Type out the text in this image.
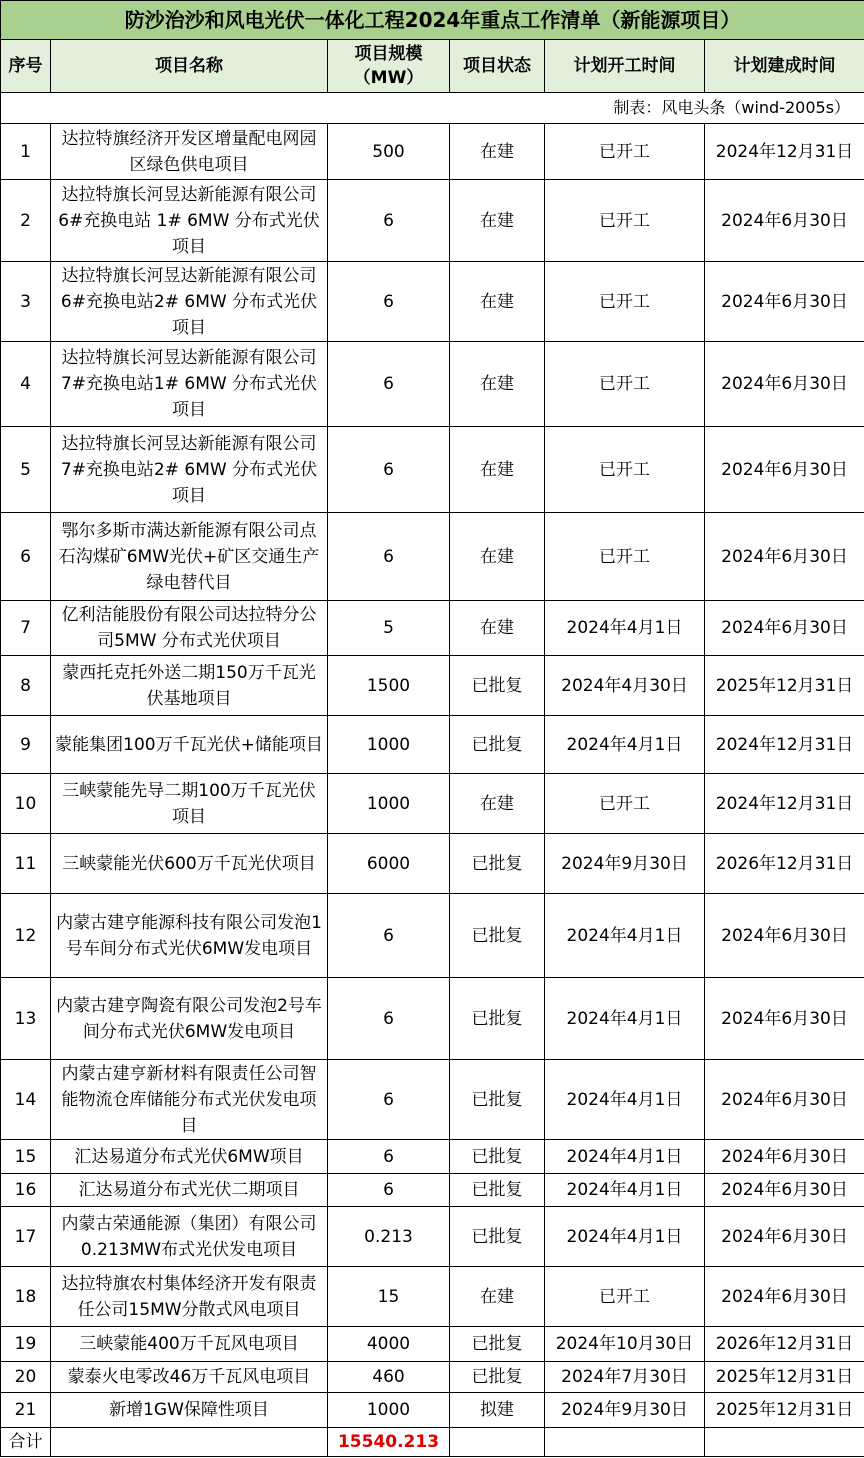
防沙治沙和风电光伏一体化工程2024年重点工作清单（新能源项目）					
序号	项目名称	项目规模（MW）	项目状态	计划开工时间	计划建成时间
制表：风电头条（wind-2005s）					
1	达拉特旗经济开发区增量配电网园区绿色供电项目	500	在建	已开工	2024年12月31日
2	达拉特旗长河昱达新能源有限公司6#充换电站 1# 6MW 分布式光伏项目	6	在建	已开工	2024年6月30日
3	达拉特旗长河昱达新能源有限公司6#充换电站2# 6MW 分布式光伏项目	6	在建	已开工	2024年6月30日
4	达拉特旗长河昱达新能源有限公司7#充换电站1# 6MW 分布式光伏项目	6	在建	已开工	2024年6月30日
5	达拉特旗长河昱达新能源有限公司7#充换电站2# 6MW 分布式光伏项目	6	在建	已开工	2024年6月30日
6	鄂尔多斯市满达新能源有限公司点石沟煤矿6MW光伏+矿区交通生产绿电替代目	6	在建	已开工	2024年6月30日
7	亿利洁能股份有限公司达拉特分公司5MW 分布式光伏项目	5	在建	2024年4月1日	2024年6月30日
8	蒙西托克托外送二期150万千瓦光伏基地项目	1500	已批复	2024年4月30日	2025年12月31日
9	蒙能集团100万千瓦光伏+储能项目	1000	已批复	2024年4月1日	2024年12月31日
10	三峡蒙能先导二期100万千瓦光伏项目	1000	在建	已开工	2024年12月31日
11	三峡蒙能光伏600万千瓦光伏项目	6000	已批复	2024年9月30日	2026年12月31日
12	内蒙古建亨能源科技有限公司发泡1号车间分布式光伏6MW发电项目	6	已批复	2024年4月1日	2024年6月30日
13	内蒙古建亨陶瓷有限公司发泡2号车间分布式光伏6MW发电项目	6	已批复	2024年4月1日	2024年6月30日
14	内蒙古建亨新材料有限责任公司智能物流仓库储能分布式光伏发电项目	6	已批复	2024年4月1日	2024年6月30日
15	汇达易道分布式光伏6MW项目	6	已批复	2024年4月1日	2024年6月30日
16	汇达易道分布式光伏二期项目	6	已批复	2024年4月1日	2024年6月30日
17	内蒙古荣通能源（集团）有限公司0.213MW布式光伏发电项目	0.213	已批复	2024年4月1日	2024年6月30日
18	达拉特旗农村集体经济开发有限责任公司15MW分散式风电项目	15	在建	已开工	2024年6月30日
19	三峡蒙能400万千瓦风电项目	4000	已批复	2024年10月30日	2026年12月31日
20	蒙泰火电零改46万千瓦风电项目	460	已批复	2024年7月30日	2025年12月31日
21	新增1GW保障性项目	1000	拟建	2024年9月30日	2025年12月31日
合计		15540.213			
